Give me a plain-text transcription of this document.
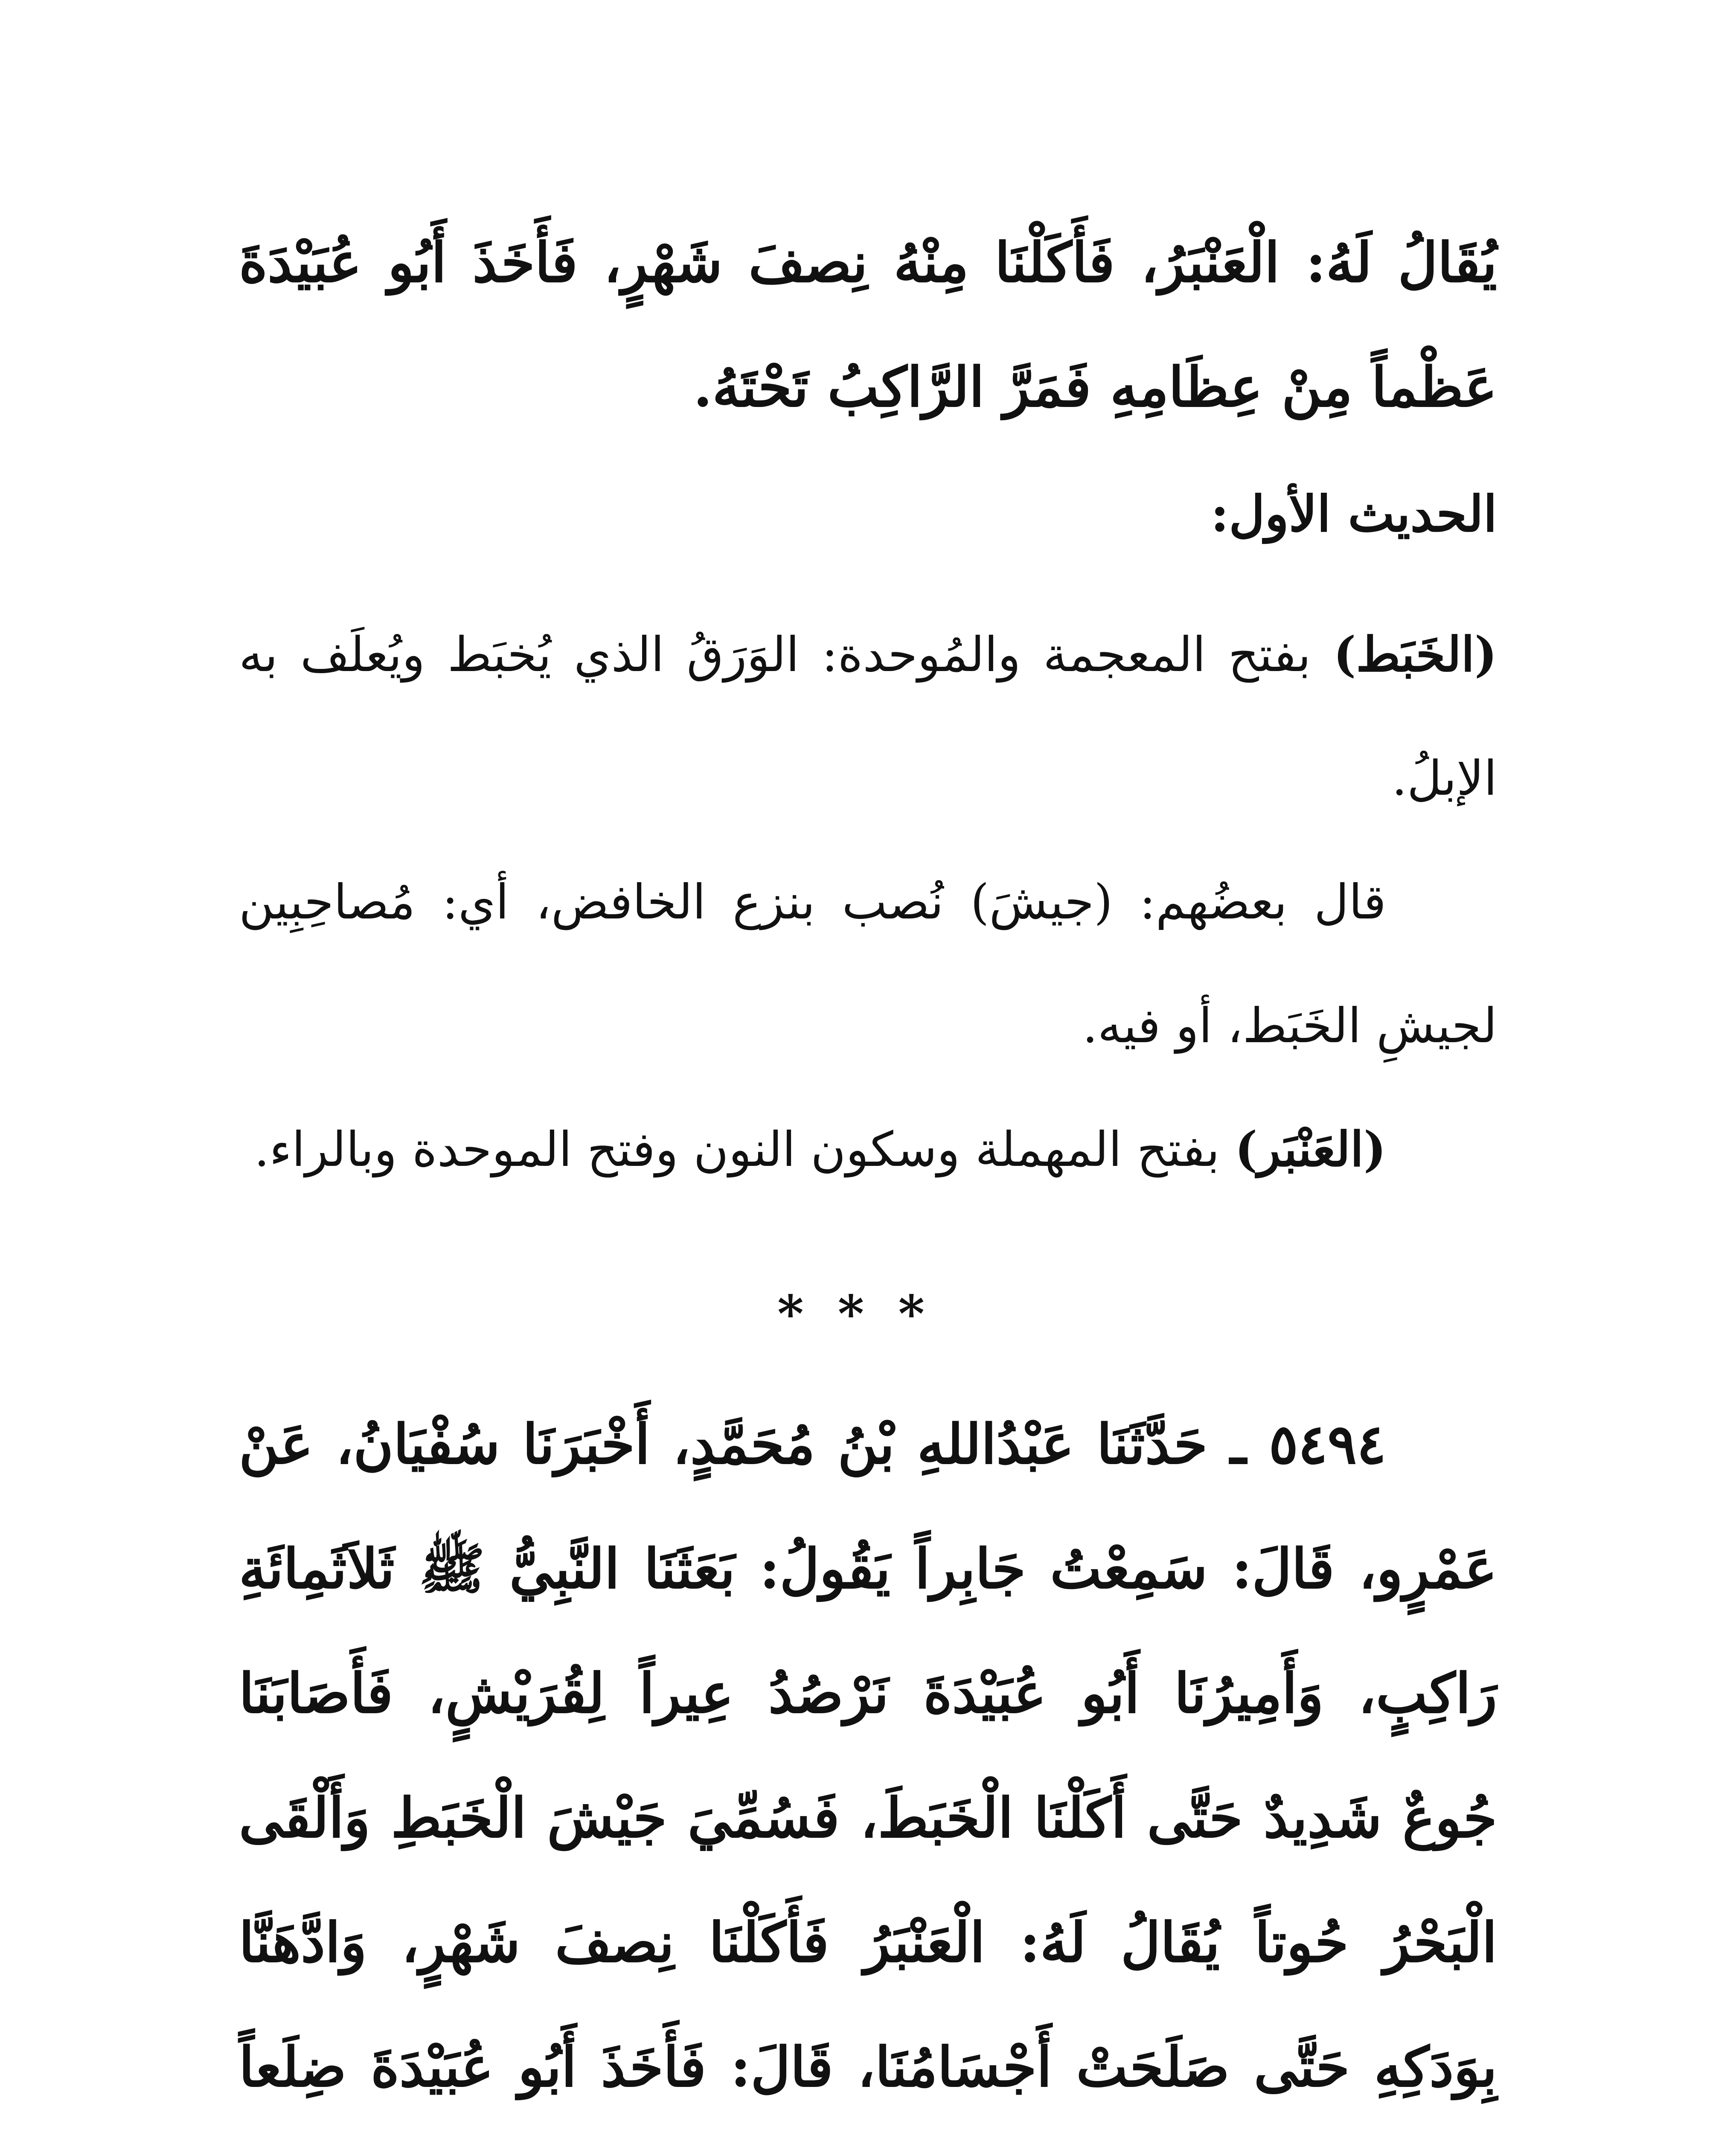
يُقَالُ لَهُ: الْعَنْبَرُ، فَأَكَلْنَا مِنْهُ نِصفَ شَهْرٍ، فَأَخَذَ أَبُو عُبَيْدَةَ عَظْماً مِنْ عِظَامِهِ فَمَرَّ الرَّاكِبُ تَحْتَهُ.

الحديث الأول:

(الخَبَط) بفتح المعجمة والمُوحدة: الوَرَقُ الذي يُخبَط ويُعلَف به الإبلُ.

قال بعضُهم: (جيشَ) نُصب بنزع الخافض، أي: مُصاحِبِين لجيشِ الخَبَط، أو فيه.

(العَنْبَر) بفتح المهملة وسكون النون وفتح الموحدة وبالراء.

***

٥٤٩٤ ـ حَدَّثَنَا عَبْدُاللهِ بْنُ مُحَمَّدٍ، أَخْبَرَنَا سُفْيَانُ، عَنْ عَمْرٍو، قَالَ: سَمِعْتُ جَابِراً يَقُولُ: بَعَثَنَا النَّبِيُّ ﷺ ثَلاَثَمِائَةِ رَاكِبٍ، وَأَمِيرُنَا أَبُو عُبَيْدَةَ نَرْصُدُ عِيراً لِقُرَيْشٍ، فَأَصَابَنَا جُوعٌ شَدِيدٌ حَتَّى أَكَلْنَا الْخَبَطَ، فَسُمِّيَ جَيْشَ الْخَبَطِ وَأَلْقَى الْبَحْرُ حُوتاً يُقَالُ لَهُ: الْعَنْبَرُ فَأَكَلْنَا نِصفَ شَهْرٍ، وَادَّهَنَّا بِوَدَكِهِ حَتَّى صَلَحَتْ أَجْسَامُنَا، قَالَ: فَأَخَذَ أَبُو عُبَيْدَةَ ضِلَعاً
